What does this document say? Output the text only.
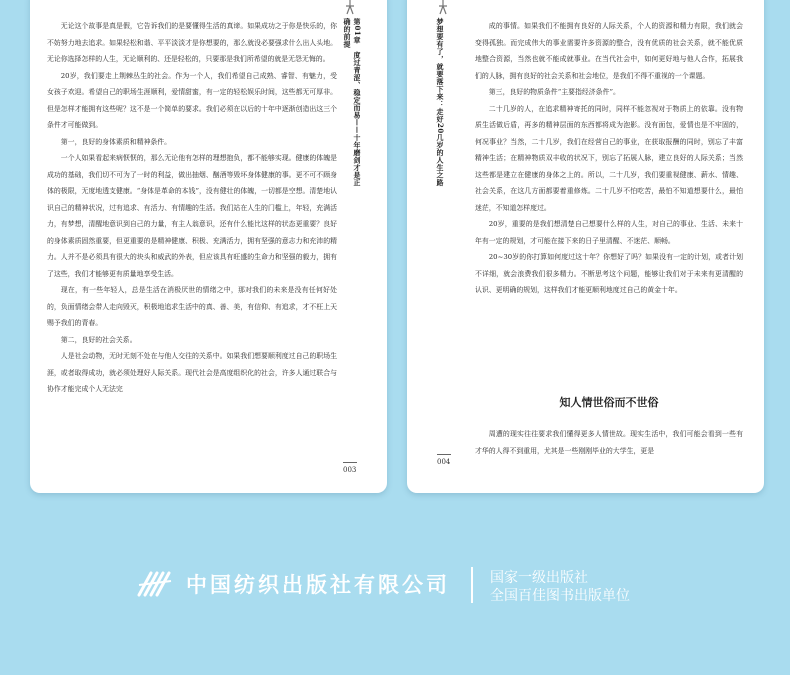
第01章　度过青涩、稳定而易——十年磨剑才是正确的前提

无论这个故事是真是假，它告诉我们的是要懂得生活的真谛。如果成功之于你是快乐的，你不妨努力地去追求。如果轻松和谐、平平淡淡才是你想要的，那么就没必要强求什么出人头地。无论你选择怎样的人生，无论顺利的、还是轻松的，只要那是我们所希望的就是无怨无悔的。

20岁，我们要走上荆棘丛生的社会。作为一个人，我们希望自己成熟、睿智、有魅力，受女孩子欢迎。希望自己的职场生涯顺利，爱情甜蜜，有一定的轻松娱乐时间，这些都无可厚非。但是怎样才能拥有这些呢？这不是一个简单的要求。我们必须在以后的十年中逐渐创造出这三个条件才可能做到。

第一，良好的身体素质和精神条件。

一个人如果看起来病恹恹的，那么无论他有怎样的理想抱负，都不能够实现。健康的体魄是成功的基础，我们切不可为了一时的利益，做出抽烟、酗酒等毁坏身体健康的事。更不可不顾身体的极限，无度地透支健康。“身体是革命的本钱”，没有健壮的体魄，一切都是空想。清楚地认识自己的精神状况，过有追求、有活力、有情趣的生活。我们站在人生的门槛上，年轻，充满活力，有梦想，清醒地意识到自己的力量，有主人翁意识，还有什么能比这样的状态更重要？良好的身体素质固然重要，但更重要的是精神健康、积极、充满活力，拥有坚强的意志力和充沛的精力。人并不是必须具有很大的块头和威武的外表，但应该具有旺盛的生命力和坚强的毅力，拥有了这些，我们才能够更有质量地享受生活。

现在，有一些年轻人，总是生活在消极厌世的情绪之中，那对我们的未来是没有任何好处的，负面情绪会带人走向毁灭，积极地追求生活中的真、善、美，有信仰、有追求，才不枉上天赐予我们的青春。

第二，良好的社会关系。

人是社会动物，无时无刻不处在与他人交往的关系中。如果我们想要顺利度过自己的职场生涯，或者取得成功，就必须处理好人际关系。现代社会是高度组织化的社会，许多人通过联合与协作才能完成个人无法完

003
梦想要有了，就要落下来：走好20几岁的人生之路	成的事情。如果我们不能拥有良好的人际关系，个人的资源和精力有限，我们就会变得孤独。而完成伟大的事业需要许多资源的整合，没有优质的社会关系，就不能优质地整合资源，当然也就不能成就事业。在当代社会中，如何更好地与他人合作，拓展我们的人脉，拥有良好的社会关系和社会地位，是我们不得不重视的一个课题。

第三，良好的物质条件“主要指经济条件”。

二十几岁的人，在追求精神寄托的同时，同样不能忽视对于物质上的依靠。没有物质生活做后盾，再多的精神层面的东西都将成为泡影。没有面包，爱情也是不牢固的，何况事业？当然，二十几岁，我们在经营自己的事业，在获取报酬的同时，别忘了丰富精神生活；在精神物质双丰收的状况下，别忘了拓展人脉，建立良好的人际关系；当然这些都是建立在健康的身体之上的。所以，二十几岁，我们要重视健康、薪水、情趣、社会关系，在这几方面都要着重修炼。二十几岁不怕吃苦，最怕不知道想要什么，最怕迷茫，不知道怎样度过。

20岁，重要的是我们想清楚自己想要什么样的人生，对自己的事业、生活、未来十年有一定的规划，才可能在接下来的日子里清醒、不迷茫、顺畅。

20~30岁的你打算如何度过这十年？你想好了吗？如果没有一定的计划，或者计划不详细，就会浪费我们很多精力。不断思考这个问题，能够让我们对于未来有更清醒的认识、更明确的规划，这样我们才能更顺利地度过自己的黄金十年。

知人情世俗而不世俗

周遭的现实往往要求我们懂得更多人情世故。现实生活中，我们可能会看到一些有才华的人得不到重用，尤其是一些刚刚毕业的大学生，更是

004
中国纺织出版社有限公司	国家一级出版社
全国百佳图书出版单位
